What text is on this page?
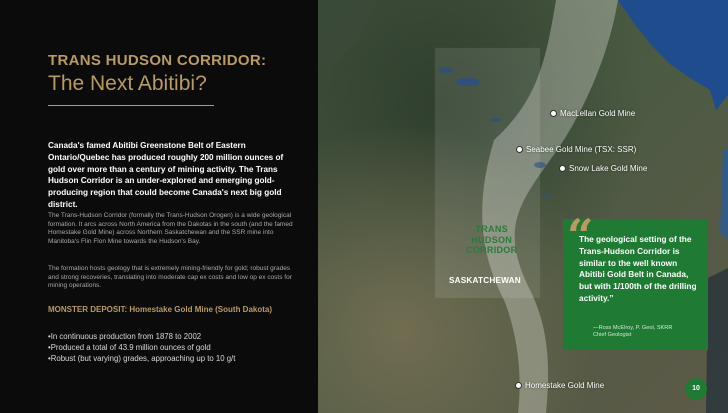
TRANS HUDSON CORRIDOR:
The Next Abitibi?

Canada's famed Abitibi Greenstone Belt of Eastern Ontario/Quebec has produced roughly 200 million ounces of gold over more than a century of mining activity. The Trans Hudson Corridor is an under-explored and emerging gold-producing region that could become Canada's next big gold district.

The Trans-Hudson Corridor (formally the Trans-Hudson Orogen) is a wide geological formation. It arcs across North America from the Dakotas in the south (and the famed Homestake Gold Mine) across Northern Saskatchewan and the SSR mine into Manitoba's Flin Flon Mine towards the Hudson's Bay.

The formation hosts geology that is extremely mining-friendly for gold; robust grades and strong recoveries, translating into moderate cap ex costs and low op ex costs for mining operations.

MONSTER DEPOSIT: Homestake Gold Mine (South Dakota)

• In continuous production from 1878 to 2002
• Produced a total of 43.9 million ounces of gold
• Robust (but varying) grades, approaching up to 10 g/t
MacLellan Gold Mine
Seabee Gold Mine (TSX: SSR)
Snow Lake Gold Mine
Homestake Gold Mine
TRANS
HUDSON
CORRIDOR
SASKATCHEWAN
“

The geological setting of the Trans-Hudson Corridor is similar to the well known Abitibi Gold Belt in Canada, but with 1/100th of the drilling activity.”

—Ross McElroy, P. Geol, SKRR
Chief Geologist

10
